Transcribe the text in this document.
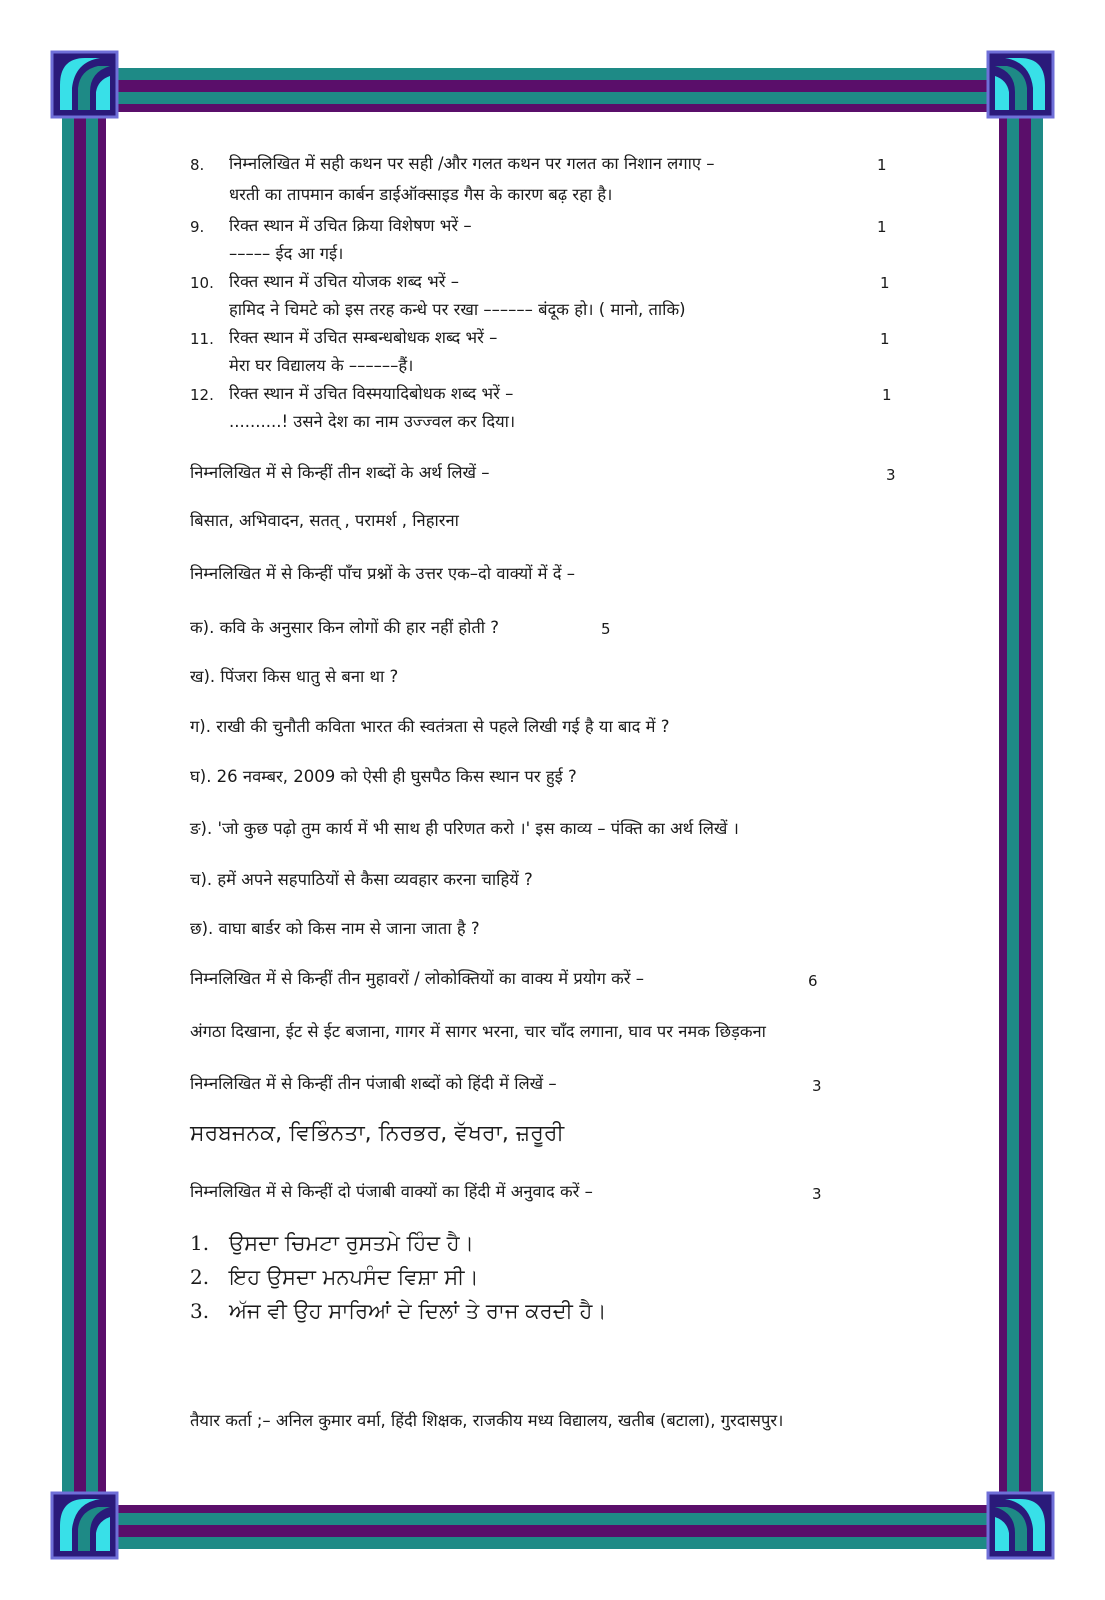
8. निम्नलिखित में सही कथन पर सही /और गलत कथन पर गलत का निशान लगाए –	1
धरती का तापमान कार्बन डाईऑक्साइड गैस के कारण बढ़ रहा है।
9. रिक्त स्थान में उचित क्रिया विशेषण भरें –	1
––––– ईद आ गई।
10. रिक्त स्थान में उचित योजक शब्द भरें –	1
हामिद ने चिमटे को इस तरह कन्धे पर रखा –––––– बंदूक हो। ( मानो, ताकि)
11. रिक्त स्थान में उचित सम्बन्धबोधक शब्द भरें –	1
मेरा घर विद्यालय के ––––––हैं।
12. रिक्त स्थान में उचित विस्मयादिबोधक शब्द भरें –	1
..........! उसने देश का नाम उज्ज्वल कर दिया।
निम्नलिखित में से किन्हीं तीन शब्दों के अर्थ लिखें –	3
बिसात, अभिवादन, सतत् , परामर्श , निहारना
निम्नलिखित में से किन्हीं पाँच प्रश्नों के उत्तर एक–दो वाक्यों में दें –
क). कवि के अनुसार किन लोगों की हार नहीं होती ?	5
ख). पिंजरा किस धातु से बना था ?
ग). राखी की चुनौती कविता भारत की स्वतंत्रता से पहले लिखी गई है या बाद में ?
घ). 26 नवम्बर, 2009 को ऐसी ही घुसपैठ किस स्थान पर हुई ?
ङ). 'जो कुछ पढ़ो तुम कार्य में भी साथ ही परिणत करो ।' इस काव्य – पंक्ति का अर्थ लिखें ।
च). हमें अपने सहपाठियों से कैसा व्यवहार करना चाहियें ?
छ). वाघा बार्डर को किस नाम से जाना जाता है ?
निम्नलिखित में से किन्हीं तीन मुहावरों / लोकोक्तियों का वाक्य में प्रयोग करें –	6
अंगठा दिखाना, ईट से ईट बजाना, गागर में सागर भरना, चार चाँद लगाना, घाव पर नमक छिड़कना
निम्नलिखित में से किन्हीं तीन पंजाबी शब्दों को हिंदी में लिखें –	3
ਸਰਬਜਨਕ, ਵਿਭਿੰਨਤਾ, ਨਿਰਭਰ, ਵੱਖਰਾ, ਜ਼ਰੂਰੀ
निम्नलिखित में से किन्हीं दो पंजाबी वाक्यों का हिंदी में अनुवाद करें –	3
1. ਉਸਦਾ ਚਿਮਟਾ ਰੁਸਤਮੇ ਹਿੰਦ ਹੈ।
2. ਇਹ ਉਸਦਾ ਮਨਪਸੰਦ ਵਿਸ਼ਾ ਸੀ।
3. ਅੱਜ ਵੀ ਉਹ ਸਾਰਿਆਂ ਦੇ ਦਿਲਾਂ ਤੇ ਰਾਜ ਕਰਦੀ ਹੈ।
तैयार कर्ता ;– अनिल कुमार वर्मा, हिंदी शिक्षक, राजकीय मध्य विद्यालय, खतीब (बटाला), गुरदासपुर।
